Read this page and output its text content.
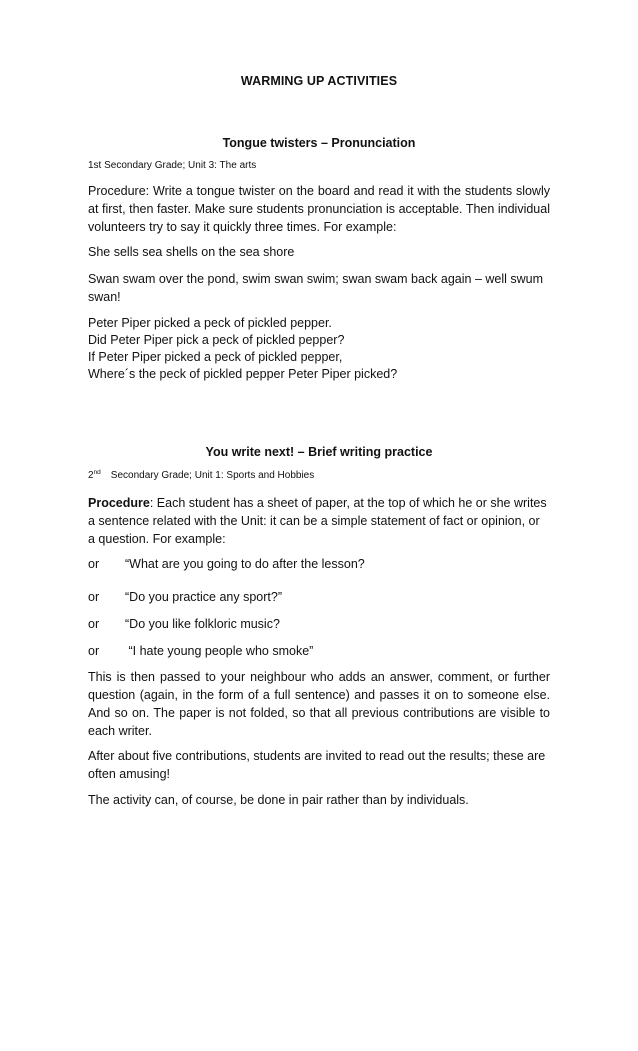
WARMING UP ACTIVITIES
Tongue twisters – Pronunciation
1st Secondary Grade; Unit 3: The arts
Procedure: Write a tongue twister on the board and read it with the students slowly at first, then faster. Make sure students pronunciation is acceptable. Then individual volunteers try to say it quickly three times. For example:
She sells sea shells on the sea shore
Swan swam over the pond, swim swan swim; swan swam back again – well swum swan!
Peter Piper picked a peck of pickled pepper.
Did Peter Piper pick a peck of pickled pepper?
If Peter Piper picked a peck of pickled pepper,
Where´s the peck of pickled pepper Peter Piper picked?
You write next! – Brief writing practice
2nd Secondary Grade; Unit 1: Sports and Hobbies
Procedure: Each student has a sheet of paper, at the top of which he or she writes a sentence related with the Unit: it can be a simple statement of fact or opinion, or a question. For example:
or “What are you going to do after the lesson?
or “Do you practice any sport?”
or “Do you like folkloric music?
or “I hate young people who smoke”
This is then passed to your neighbour who adds an answer, comment, or further question (again, in the form of a full sentence) and passes it on to someone else. And so on. The paper is not folded, so that all previous contributions are visible to each writer.
After about five contributions, students are invited to read out the results; these are often amusing!
The activity can, of course, be done in pair rather than by individuals.
